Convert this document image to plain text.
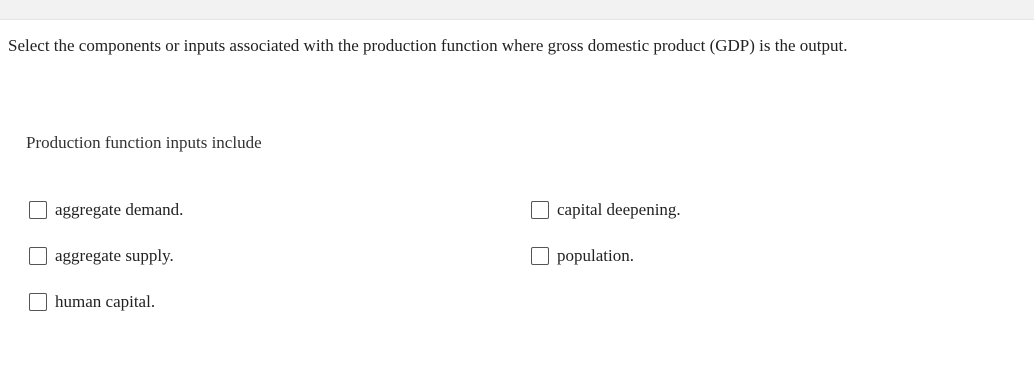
Select the components or inputs associated with the production function where gross domestic product (GDP) is the output.
Production function inputs include
aggregate demand.
aggregate supply.
human capital.
capital deepening.
population.
